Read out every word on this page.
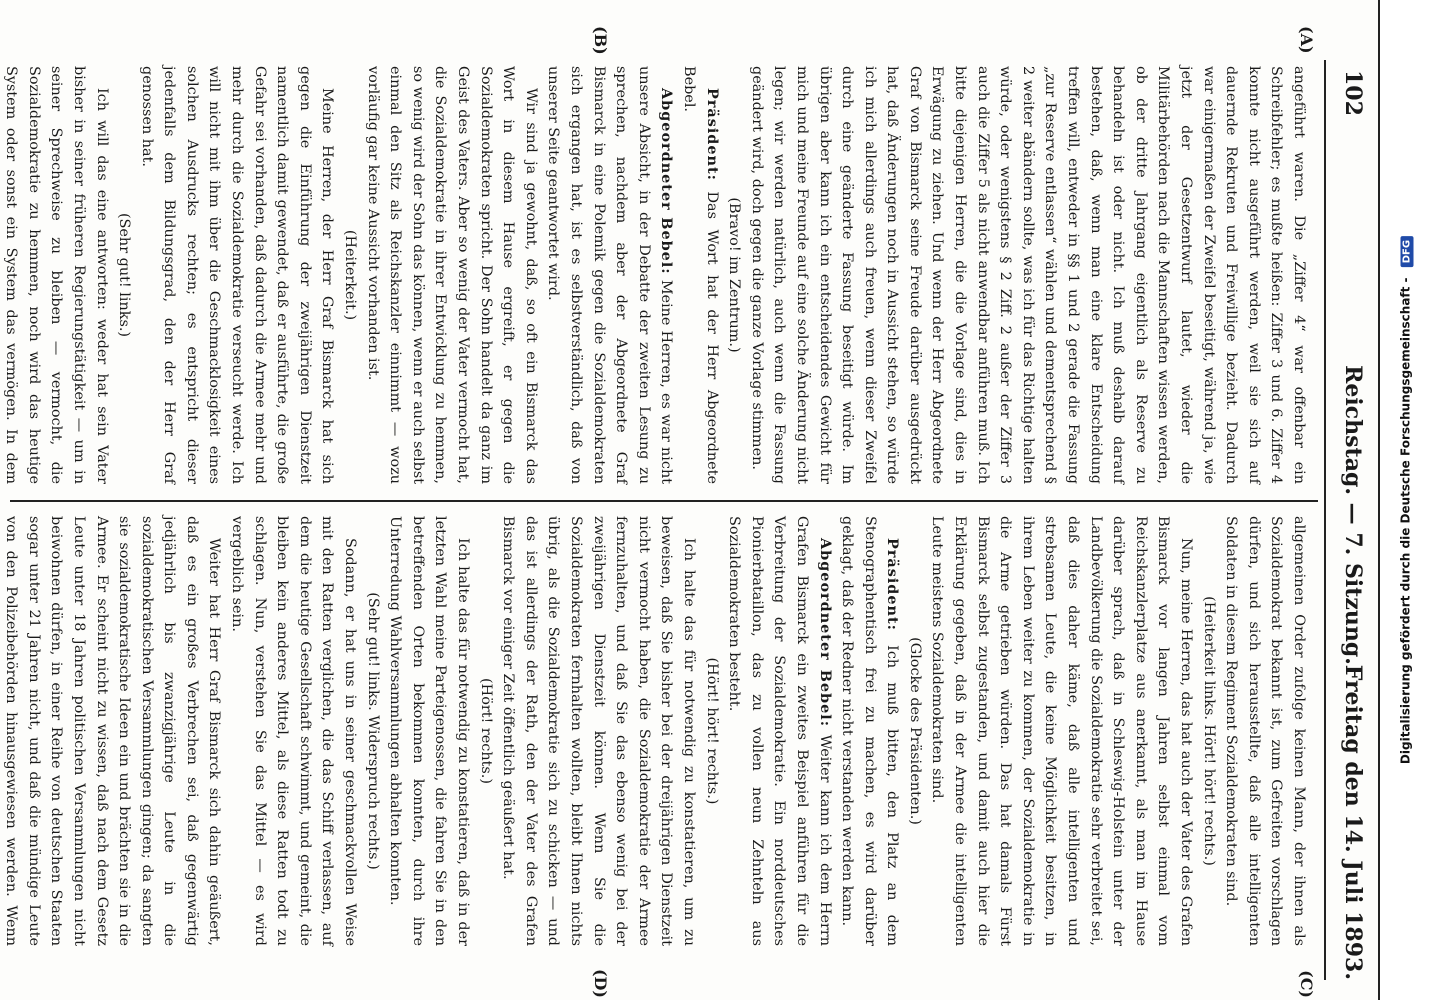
102
Reichstag. — 7. Sitzung.
Freitag den 14. Juli 1893.
(A)
(B)
(C)
(D)

angeführt waren. Die „Ziffer 4“ war offenbar ein Schreibfehler; es mußte heißen: Ziffer 3 und 6. Ziffer 4 konnte nicht ausgeführt werden, weil sie sich auf dauernde Rekruten und Freiwillige bezieht. Dadurch war einigermaßen der Zweifel beseitigt, während ja, wie jetzt der Gesetzentwurf lautet, wieder die Militärbehörden nach die Mannschaften wissen werden, ob der dritte Jahrgang eigentlich als Reserve zu behandeln ist oder nicht. Ich muß deshalb darauf bestehen, daß, wenn man eine klare Entscheidung treffen will, entweder in §§ 1 und 2 gerade die Fassung „zur Reserve entlassen“ wählen und dementsprechend § 2 weiter abändern sollte, was ich für das Richtige halten würde, oder wenigstens § 2 Ziff. 2 außer der Ziffer 3 auch die Ziffer 5 als nicht anwendbar anführen muß. Ich bitte diejenigen Herren, die die Vorlage sind, dies in Erwägung zu ziehen. Und wenn der Herr Abgeordnete Graf von Bismarck seine Freude darüber ausgedrückt hat, daß Änderungen noch in Aussicht stehen, so würde ich mich allerdings auch freuen, wenn dieser Zweifel durch eine geänderte Fassung beseitigt würde. Im übrigen aber kann ich ein entscheidendes Gewicht für mich und meine Freunde auf eine solche Änderung nicht legen; wir werden natürlich, auch wenn die Fassung geändert wird, doch gegen die ganze Vorlage stimmen.

(Bravo! im Zentrum.)

Präsident: Das Wort hat der Herr Abgeordnete Bebel.

Abgeordneter Bebel: Meine Herren, es war nicht unsere Absicht, in der Debatte der zweiten Lesung zu sprechen, nachdem aber der Abgeordnete Graf Bismarck in eine Polemik gegen die Sozialdemokraten sich ergangen hat, ist es selbstverständlich, daß von unserer Seite geantwortet wird.

Wir sind ja gewohnt, daß, so oft ein Bismarck das Wort in diesem Hause ergreift, er gegen die Sozialdemokraten spricht. Der Sohn handelt da ganz im Geist des Vaters. Aber so wenig der Vater vermocht hat, die Sozialdemokratie in ihrer Entwicklung zu hemmen, so wenig wird der Sohn das können, wenn er auch selbst einmal den Sitz als Reichskanzler einnimmt — wozu vorläufig gar keine Aussicht vorhanden ist.

(Heiterkeit.)

Meine Herren, der Herr Graf Bismarck hat sich gegen die Einführung der zweijährigen Dienstzeit namentlich damit gewendet, daß er ausführte, die große Gefahr sei vorhanden, daß dadurch die Armee mehr und mehr durch die Sozialdemokratie verseucht werde. Ich will nicht mit ihm über die Geschmacklosigkeit eines solchen Ausdrucks rechten; es entspricht dieser jedenfalls dem Bildungsgrad, den der Herr Graf genossen hat.

(Sehr gut! links.)

Ich will das eine antworten: weder hat sein Vater bisher in seiner früheren Regierungstätigkeit — um in seiner Sprechweise zu bleiben — vermocht, die Sozialdemokratie zu hemmen, noch wird das heutige System oder sonst ein System das vermögen. In dem

allgemeinen Order zufolge keinen Mann, der ihnen als Sozialdemokrat bekannt ist, zum Gefreiten vorschlagen dürfen, und sich herausstellte, daß alle intelligenten Soldaten in diesem Regiment Sozialdemokraten sind.

(Heiterkeit links. Hört! hört! rechts.)

Nun, meine Herren, das hat auch der Vater des Grafen Bismarck vor langen Jahren selbst einmal vom Reichskanzlerplatze aus anerkannt, als man im Hause darüber sprach, daß in Schleswig-Holstein unter der Landbevölkerung die Sozialdemokratie sehr verbreitet sei, daß dies daher käme, daß alle intelligenten und strebsamen Leute, die keine Möglichkeit besitzen, in ihrem Leben weiter zu kommen, der Sozialdemokratie in die Arme getrieben würden. Das hat damals Fürst Bismarck selbst zugestanden, und damit auch hier die Erklärung gegeben, daß in der Armee die intelligenten Leute meistens Sozialdemokraten sind.

(Glocke des Präsidenten.)

Präsident: Ich muß bitten, den Platz an dem Stenographentisch frei zu machen, es wird darüber geklagt, daß der Redner nicht verstanden werden kann.

Abgeordneter Bebel: Weiter kann ich dem Herrn Grafen Bismarck ein zweites Beispiel anführen für die Verbreitung der Sozialdemokratie. Ein norddeutsches Pionierbataillon, das zu vollen neun Zehnteln aus Sozialdemokraten besteht.

(Hört! hört! rechts.)

Ich halte das für notwendig zu konstatieren, um zu beweisen, daß Sie bisher bei der dreijährigen Dienstzeit nicht vermocht haben, die Sozialdemokratie der Armee fernzuhalten, und daß Sie das ebenso wenig bei der zweijährigen Dienstzeit können. Wenn Sie die Sozialdemokraten fernhalten wollten, bleibt Ihnen nichts übrig, als die Sozialdemokratie sich zu schicken — und das ist allerdings der Rath, den der Vater des Grafen Bismarck vor einiger Zeit öffentlich geäußert hat.

(Hört! rechts.)

Ich halte das für notwendig zu konstatieren, daß in der letzten Wahl meine Parteigenossen, die fahren Sie in den betreffenden Orten bekommen konnten, durch ihre Unterredung Wahlversammlungen abhalten konnten.

(Sehr gut! links. Widerspruch rechts.)

Sodann, er hat uns in seiner geschmackvollen Weise mit den Ratten verglichen, die das Schiff verlassen, auf dem die heutige Gesellschaft schwimmt, und gemeint, die bleiben kein anderes Mittel, als diese Ratten todt zu schlagen. Nun, verstehen Sie das Mittel — es wird vergeblich sein.

Weiter hat Herr Graf Bismarck sich dahin geäußert, daß es ein großes Verbrechen sei, daß gegenwärtig jedjährlich bis zwanzigjährige Leute in die sozialdemokratischen Versammlungen gingen; da sangten sie sozialdemokratische Ideen ein und brächten sie in die Armee. Er scheint nicht zu wissen, daß nach dem Gesetz Leute unter 18 Jahren politischen Versammlungen nicht beiwohnen dürfen, in einer Reihe von deutschen Staaten sogar unter 21 Jahren nicht, und daß die mündige Leute von den Polizeibehörden hinausgewiesen werden. Wenn

Digitalisierung gefördert durch die Deutsche Forschungsgemeinschaft - DFG
